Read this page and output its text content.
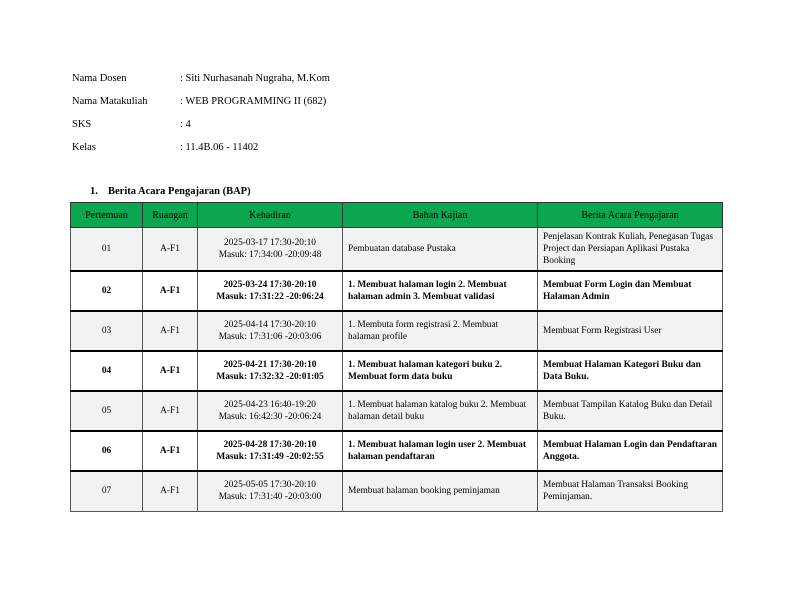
Nama Dosen	: Siti Nurhasanah Nugraha, M.Kom
Nama Matakuliah	: WEB PROGRAMMING II (682)
SKS	: 4
Kelas	: 11.4B.06 - 11402
1. Berita Acara Pengajaran (BAP)
Pertemuan	Ruangan	Kehadiran	Bahan Kajian	Berita Acara Pengajaran
01	A-F1	2025-03-17 17:30-20:10
Masuk: 17:34:00 -20:09:48	Pembuatan database Pustaka	Penjelasan Kontrak Kuliah, Penegasan Tugas Project dan Persiapan Aplikasi Pustaka Booking
02	A-F1	2025-03-24 17:30-20:10
Masuk: 17:31:22 -20:06:24	1. Membuat halaman login 2. Membuat halaman admin 3. Membuat validasi	Membuat Form Login dan Membuat Halaman Admin
03	A-F1	2025-04-14 17:30-20:10
Masuk: 17:31:06 -20:03:06	1. Membuta form registrasi 2. Membuat halaman profile	Membuat Form Registrasi User
04	A-F1	2025-04-21 17:30-20:10
Masuk: 17:32:32 -20:01:05	1. Membuat halaman kategori buku 2. Membuat form data buku	Membuat Halaman Kategori Buku dan Data Buku.
05	A-F1	2025-04-23 16:40-19:20
Masuk: 16:42:30 -20:06:24	1. Membuat halaman katalog buku 2. Membuat halaman detail buku	Membuat Tampilan Katalog Buku dan Detail Buku.
06	A-F1	2025-04-28 17:30-20:10
Masuk: 17:31:49 -20:02:55	1. Membuat halaman login user 2. Membuat halaman pendaftaran	Membuat Halaman Login dan Pendaftaran Anggota.
07	A-F1	2025-05-05 17:30-20:10
Masuk: 17:31:40 -20:03:00	Membuat halaman booking peminjaman	Membuat Halaman Transaksi Booking Peminjaman.
